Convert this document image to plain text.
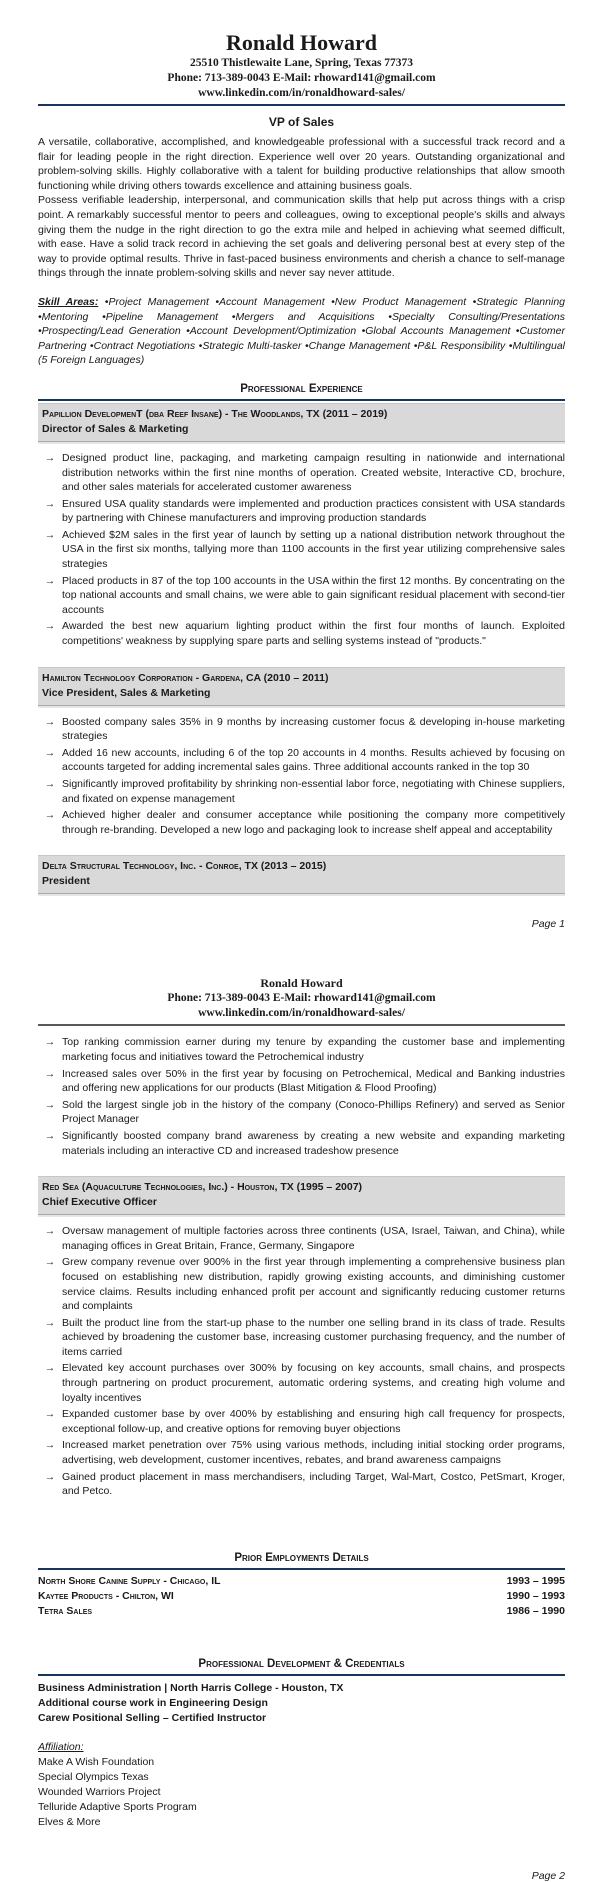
Ronald Howard
25510 Thistlewaite Lane, Spring, Texas 77373
Phone: 713-389-0043 E-Mail: rhoward141@gmail.com
www.linkedin.com/in/ronaldhoward-sales/
VP of Sales
A versatile, collaborative, accomplished, and knowledgeable professional with a successful track record and a flair for leading people in the right direction. Experience well over 20 years. Outstanding organizational and problem-solving skills. Highly collaborative with a talent for building productive relationships that allow smooth functioning while driving others towards excellence and attaining business goals.
Possess verifiable leadership, interpersonal, and communication skills that help put across things with a crisp point. A remarkably successful mentor to peers and colleagues, owing to exceptional people's skills and always giving them the nudge in the right direction to go the extra mile and helped in achieving what seemed difficult, with ease. Have a solid track record in achieving the set goals and delivering personal best at every step of the way to provide optimal results. Thrive in fast-paced business environments and cherish a chance to self-manage things through the innate problem-solving skills and never say never attitude.
Skill Areas: •Project Management •Account Management •New Product Management •Strategic Planning •Mentoring •Pipeline Management •Mergers and Acquisitions •Specialty Consulting/Presentations •Prospecting/Lead Generation •Account Development/Optimization •Global Accounts Management •Customer Partnering •Contract Negotiations •Strategic Multi-tasker •Change Management •P&L Responsibility •Multilingual (5 Foreign Languages)
Professional Experience
Papillion DevelopmenT (dba Reef Insane) - The Woodlands, TX (2011 – 2019)
Director of Sales & Marketing
→ Designed product line, packaging, and marketing campaign resulting in nationwide and international distribution networks within the first nine months of operation. Created website, Interactive CD, brochure, and other sales materials for accelerated customer awareness
→ Ensured USA quality standards were implemented and production practices consistent with USA standards by partnering with Chinese manufacturers and improving production standards
→ Achieved $2M sales in the first year of launch by setting up a national distribution network throughout the USA in the first six months, tallying more than 1100 accounts in the first year utilizing comprehensive sales strategies
→ Placed products in 87 of the top 100 accounts in the USA within the first 12 months. By concentrating on the top national accounts and small chains, we were able to gain significant residual placement with second-tier accounts
→ Awarded the best new aquarium lighting product within the first four months of launch. Exploited competitions' weakness by supplying spare parts and selling systems instead of "products."
Hamilton Technology Corporation - Gardena, CA (2010 – 2011)
Vice President, Sales & Marketing
→ Boosted company sales 35% in 9 months by increasing customer focus & developing in-house marketing strategies
→ Added 16 new accounts, including 6 of the top 20 accounts in 4 months. Results achieved by focusing on accounts targeted for adding incremental sales gains. Three additional accounts ranked in the top 30
→ Significantly improved profitability by shrinking non-essential labor force, negotiating with Chinese suppliers, and fixated on expense management
→ Achieved higher dealer and consumer acceptance while positioning the company more competitively through re-branding. Developed a new logo and packaging look to increase shelf appeal and acceptability
Delta Structural Technology, Inc. - Conroe, TX (2013 – 2015)
President
Page 1
Ronald Howard
Phone: 713-389-0043 E-Mail: rhoward141@gmail.com
www.linkedin.com/in/ronaldhoward-sales/
→ Top ranking commission earner during my tenure by expanding the customer base and implementing marketing focus and initiatives toward the Petrochemical industry
→ Increased sales over 50% in the first year by focusing on Petrochemical, Medical and Banking industries and offering new applications for our products (Blast Mitigation & Flood Proofing)
→ Sold the largest single job in the history of the company (Conoco-Phillips Refinery) and served as Senior Project Manager
→ Significantly boosted company brand awareness by creating a new website and expanding marketing materials including an interactive CD and increased tradeshow presence
Red Sea (Aquaculture Technologies, Inc.) - Houston, TX (1995 – 2007)
Chief Executive Officer
→ Oversaw management of multiple factories across three continents (USA, Israel, Taiwan, and China), while managing offices in Great Britain, France, Germany, Singapore
→ Grew company revenue over 900% in the first year through implementing a comprehensive business plan focused on establishing new distribution, rapidly growing existing accounts, and diminishing customer service claims. Results including enhanced profit per account and significantly reducing customer returns and complaints
→ Built the product line from the start-up phase to the number one selling brand in its class of trade. Results achieved by broadening the customer base, increasing customer purchasing frequency, and the number of items carried
→ Elevated key account purchases over 300% by focusing on key accounts, small chains, and prospects through partnering on product procurement, automatic ordering systems, and creating high volume and loyalty incentives
→ Expanded customer base by over 400% by establishing and ensuring high call frequency for prospects, exceptional follow-up, and creative options for removing buyer objections
→ Increased market penetration over 75% using various methods, including initial stocking order programs, advertising, web development, customer incentives, rebates, and brand awareness campaigns
→ Gained product placement in mass merchandisers, including Target, Wal-Mart, Costco, PetSmart, Kroger, and Petco.
Prior Employments Details
North Shore Canine Supply - Chicago, IL	1993 – 1995
Kaytee Products - Chilton, WI	1990 – 1993
Tetra Sales	1986 – 1990
Professional Development & Credentials
Business Administration | North Harris College - Houston, TX
Additional course work in Engineering Design
Carew Positional Selling – Certified Instructor
Affiliation:
Make A Wish Foundation
Special Olympics Texas
Wounded Warriors Project
Telluride Adaptive Sports Program
Elves & More
Page 2
